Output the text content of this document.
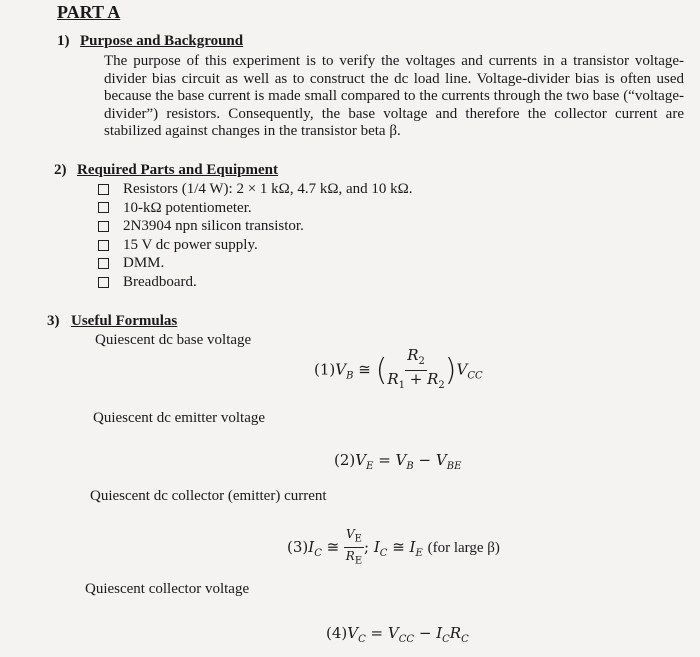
PART A
1) Purpose and Background
The purpose of this experiment is to verify the voltages and currents in a transistor voltage-divider bias circuit as well as to construct the dc load line. Voltage-divider bias is often used because the base current is made small compared to the currents through the two base (“voltage-divider”) resistors. Consequently, the base voltage and therefore the collector current are stabilized against changes in the transistor beta β.
2) Required Parts and Equipment
Resistors (1/4 W): 2 × 1 kΩ, 4.7 kΩ, and 10 kΩ.
10-kΩ potentiometer.
2N3904 npn silicon transistor.
15 V dc power supply.
DMM.
Breadboard.
3) Useful Formulas
Quiescent dc base voltage
$(1)V_B$ ≅ ( $\frac{R_2}{R_1 + R_2} )V_{CC}$
Quiescent dc emitter voltage
$(2)V_E = V_B - V_{BE}$
Quiescent dc collector (emitter) current
$(3)I_C$ ≅ $\frac{V_E}{R_E}$ ; $I_C$ ≅ $I_E$ (for large β)
Quiescent collector voltage
$(4)V_C = V_{CC} - I_CR_C$
